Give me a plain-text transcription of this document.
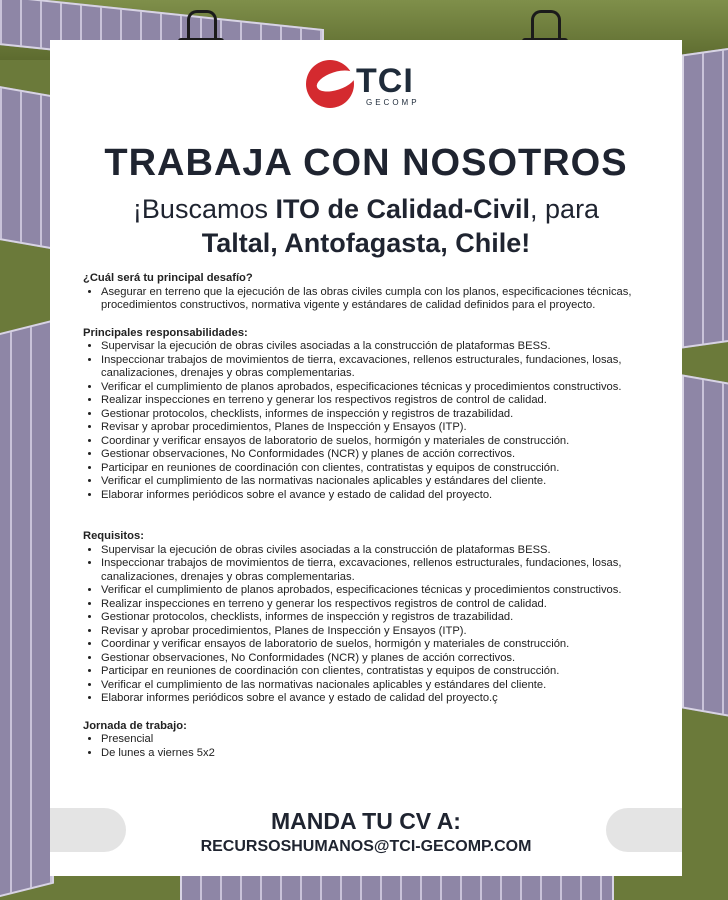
TCI
GECOMP
TRABAJA CON NOSOTROS
¡Buscamos ITO de Calidad-Civil, para
Taltal, Antofagasta, Chile!

¿Cuál será tu principal desafío?

• Asegurar en terreno que la ejecución de las obras civiles cumpla con los planos, especificaciones técnicas, procedimientos constructivos, normativa vigente y estándares de calidad definidos para el proyecto.

Principales responsabilidades:

• Supervisar la ejecución de obras civiles asociadas a la construcción de plataformas BESS.
• Inspeccionar trabajos de movimientos de tierra, excavaciones, rellenos estructurales, fundaciones, losas, canalizaciones, drenajes y obras complementarias.
• Verificar el cumplimiento de planos aprobados, especificaciones técnicas y procedimientos constructivos.
• Realizar inspecciones en terreno y generar los respectivos registros de control de calidad.
• Gestionar protocolos, checklists, informes de inspección y registros de trazabilidad.
• Revisar y aprobar procedimientos, Planes de Inspección y Ensayos (ITP).
• Coordinar y verificar ensayos de laboratorio de suelos, hormigón y materiales de construcción.
• Gestionar observaciones, No Conformidades (NCR) y planes de acción correctivos.
• Participar en reuniones de coordinación con clientes, contratistas y equipos de construcción.
• Verificar el cumplimiento de las normativas nacionales aplicables y estándares del cliente.
• Elaborar informes periódicos sobre el avance y estado de calidad del proyecto.

Requisitos:

• Supervisar la ejecución de obras civiles asociadas a la construcción de plataformas BESS.
• Inspeccionar trabajos de movimientos de tierra, excavaciones, rellenos estructurales, fundaciones, losas, canalizaciones, drenajes y obras complementarias.
• Verificar el cumplimiento de planos aprobados, especificaciones técnicas y procedimientos constructivos.
• Realizar inspecciones en terreno y generar los respectivos registros de control de calidad.
• Gestionar protocolos, checklists, informes de inspección y registros de trazabilidad.
• Revisar y aprobar procedimientos, Planes de Inspección y Ensayos (ITP).
• Coordinar y verificar ensayos de laboratorio de suelos, hormigón y materiales de construcción.
• Gestionar observaciones, No Conformidades (NCR) y planes de acción correctivos.
• Participar en reuniones de coordinación con clientes, contratistas y equipos de construcción.
• Verificar el cumplimiento de las normativas nacionales aplicables y estándares del cliente.
• Elaborar informes periódicos sobre el avance y estado de calidad del proyecto.ç

Jornada de trabajo:

• Presencial
• De lunes a viernes 5x2
MANDA TU CV A:
RECURSOSHUMANOS@TCI-GECOMP.COM
